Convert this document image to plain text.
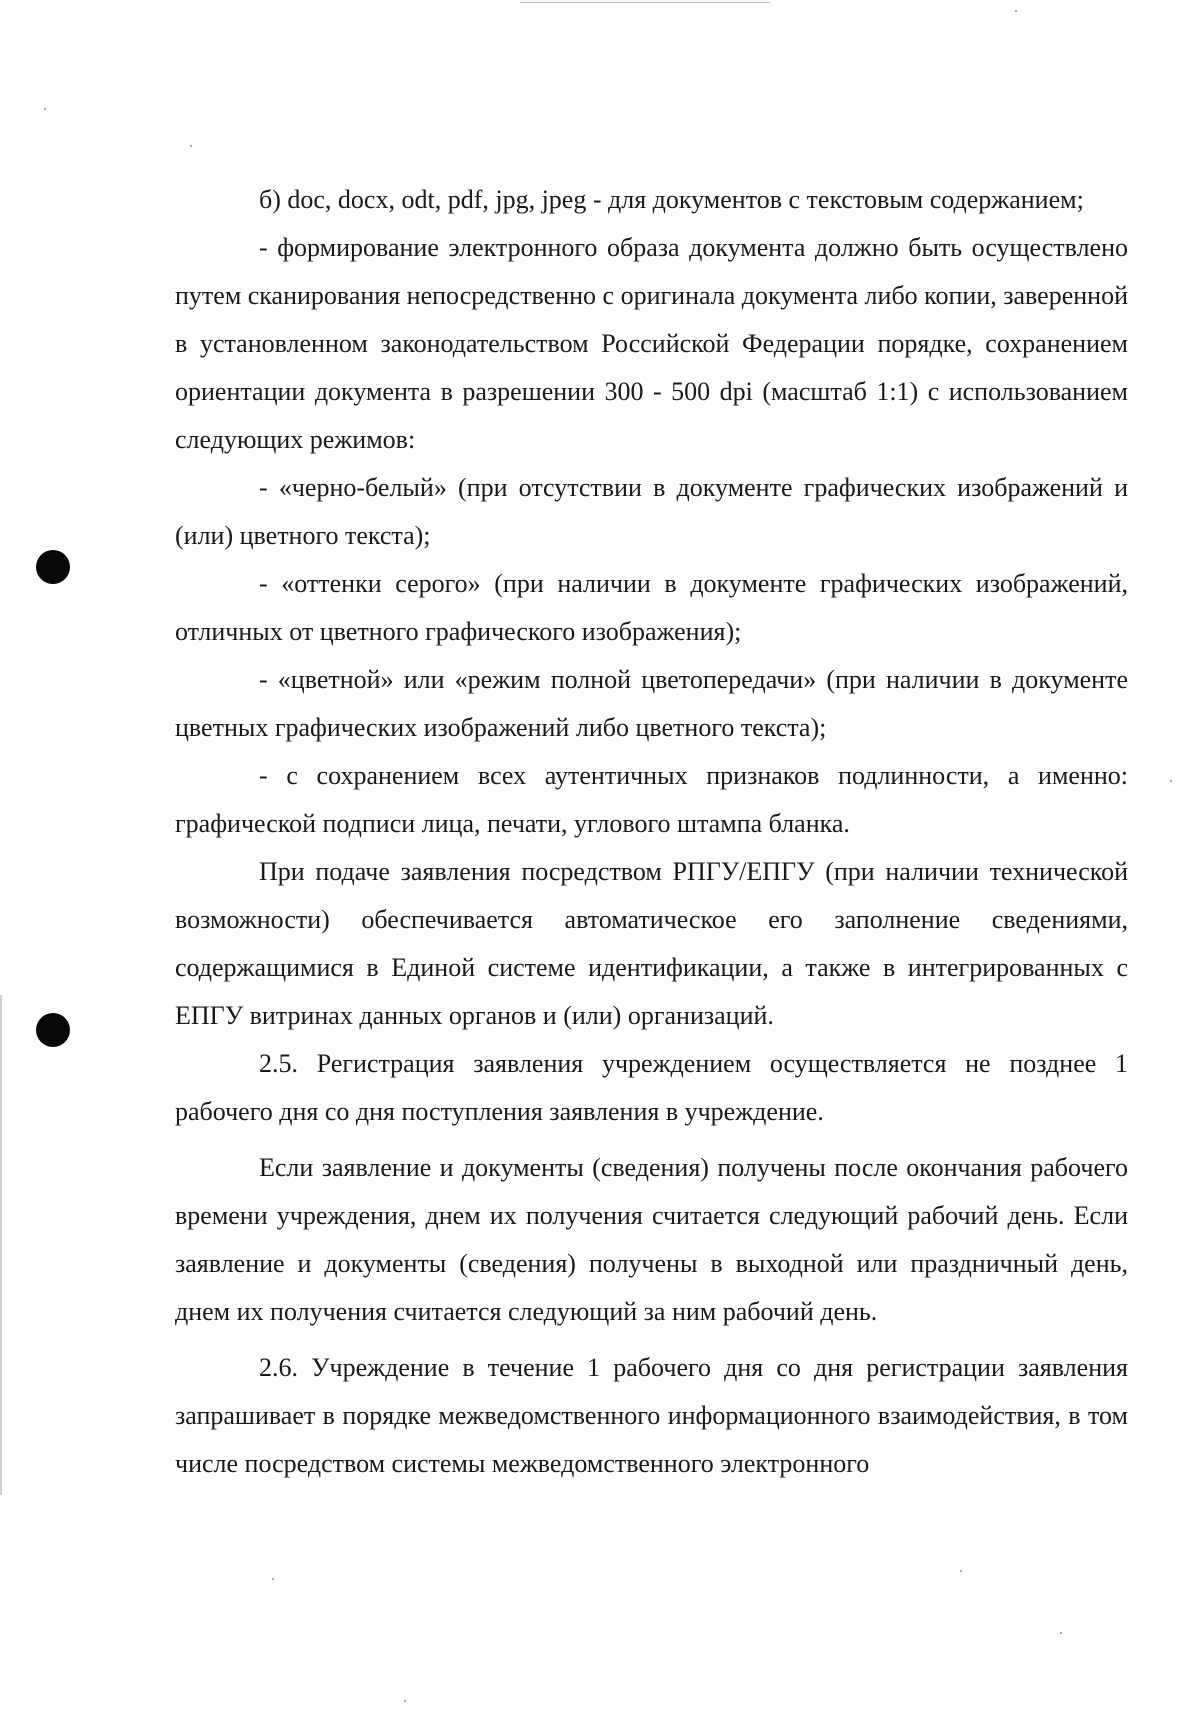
б) doc, docx, odt, pdf, jpg, jpeg - для документов с текстовым содержанием;

- формирование электронного образа документа должно быть осуществлено путем сканирования непосредственно с оригинала документа либо копии, заверенной в установленном законодательством Российской Федерации порядке, сохранением ориентации документа в разрешении 300 - 500 dpi (масштаб 1:1) с использованием следующих режимов:

- «черно-белый» (при отсутствии в документе графических изображений и (или) цветного текста);

- «оттенки серого» (при наличии в документе графических изображений, отличных от цветного графического изображения);

- «цветной» или «режим полной цветопередачи» (при наличии в документе цветных графических изображений либо цветного текста);

- с сохранением всех аутентичных признаков подлинности, а именно: графической подписи лица, печати, углового штампа бланка.

При подаче заявления посредством РПГУ/ЕПГУ (при наличии технической возможности) обеспечивается автоматическое его заполнение сведениями, содержащимися в Единой системе идентификации, а также в интегрированных с ЕПГУ витринах данных органов и (или) организаций.

2.5. Регистрация заявления учреждением осуществляется не позднее 1 рабочего дня со дня поступления заявления в учреждение.

Если заявление и документы (сведения) получены после окончания рабочего времени учреждения, днем их получения считается следующий рабочий день. Если заявление и документы (сведения) получены в выходной или праздничный день, днем их получения считается следующий за ним рабочий день.

2.6. Учреждение в течение 1 рабочего дня со дня регистрации заявления запрашивает в порядке межведомственного информационного взаимодействия, в том числе посредством системы межведомственного электронного
